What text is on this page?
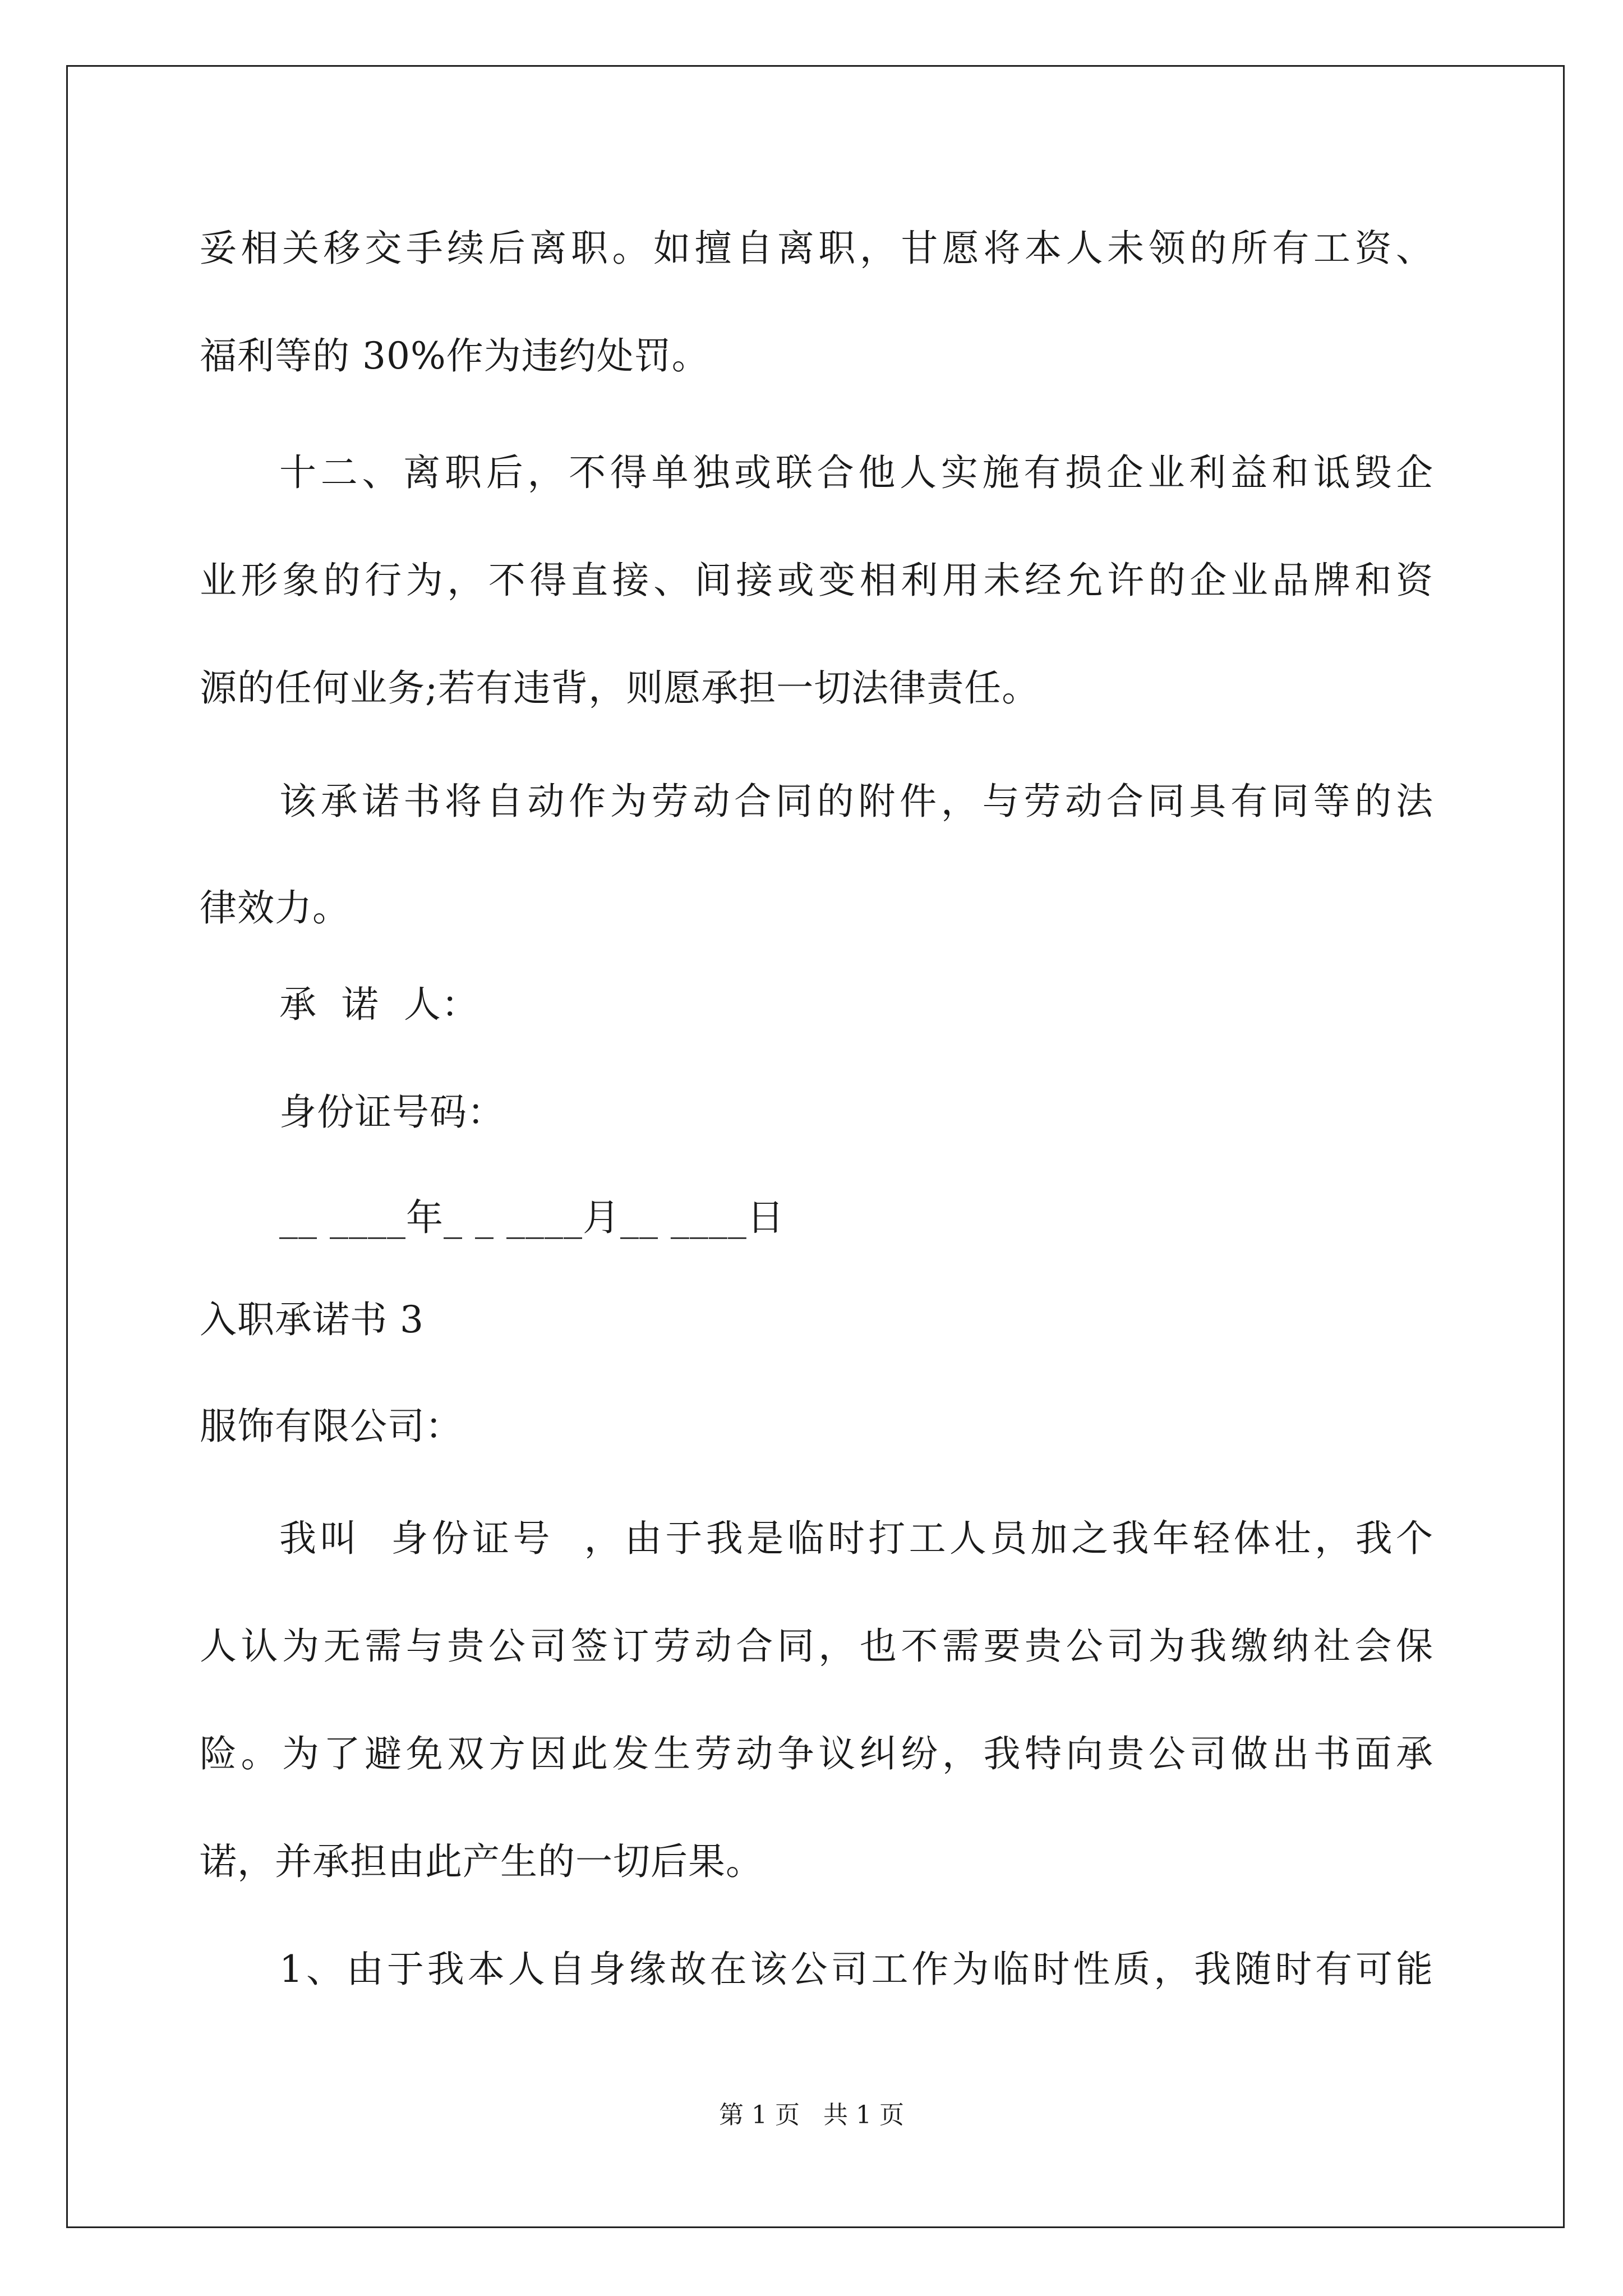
妥相关移交手续后离职。如擅自离职，甘愿将本人未领的所有工资、
福利等的 30%作为违约处罚。
十二、离职后，不得单独或联合他人实施有损企业利益和诋毁企
业形象的行为，不得直接、间接或变相利用未经允许的企业品牌和资
源的任何业务;若有违背，则愿承担一切法律责任。
该承诺书将自动作为劳动合同的附件，与劳动合同具有同等的法
律效力。
承  诺  人：
身份证号码：
__ ____年_ _ ____月__ ____日
入职承诺书 3
服饰有限公司：
我叫  身份证号  ，由于我是临时打工人员加之我年轻体壮，我个
人认为无需与贵公司签订劳动合同，也不需要贵公司为我缴纳社会保
险。为了避免双方因此发生劳动争议纠纷，我特向贵公司做出书面承
诺，并承担由此产生的一切后果。
1、由于我本人自身缘故在该公司工作为临时性质，我随时有可能
第 1 页   共 1 页
